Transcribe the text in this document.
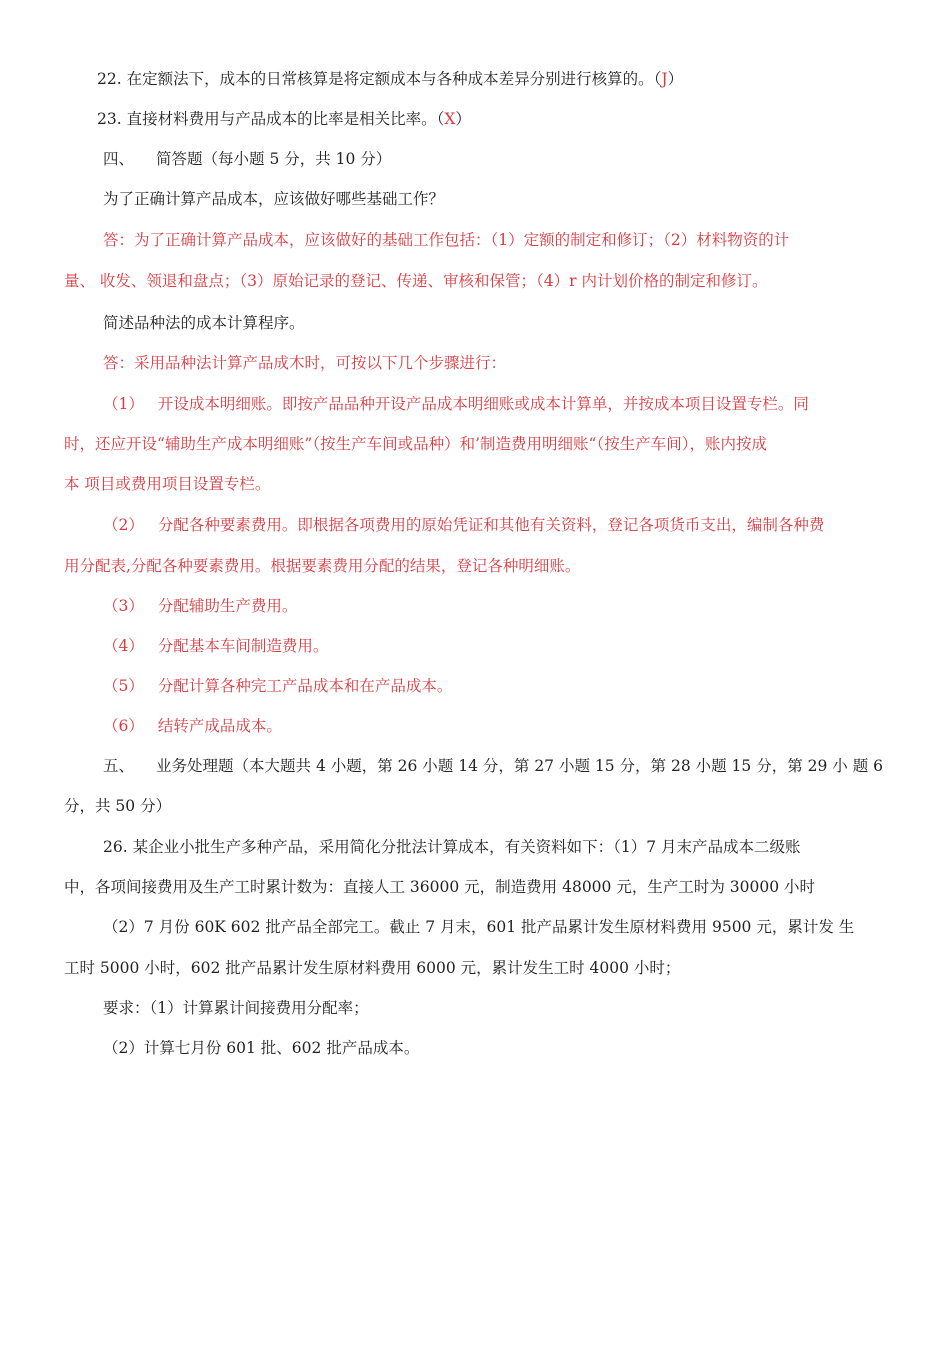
22. 在定额法下，成本的日常核算是将定额成本与各种成本差异分别进行核算的。（J）
23. 直接材料费用与产品成本的比率是相关比率。（X）
四、 简答题（每小题 5 分，共 10 分）
为了正确计算产品成本，应该做好哪些基础工作？
答：为了正确计算产品成本，应该做好的基础工作包括：（1）定额的制定和修订；（2）材料物资的计
量、 收发、领退和盘点；（3）原始记录的登记、传递、审核和保管；（4）r 内计划价格的制定和修订。
简述品种法的成本计算程序。
答：采用品种法计算产品成木时，可按以下几个步骤进行：
（1） 开设成本明细账。即按产品品种开设产品成本明细账或成本计算单，并按成本项目设置专栏。同
时，还应开设“辅助生产成本明细账”（按生产车间或品种）和’制造费用明细账“（按生产车间），账内按成
本 项目或费用项目设置专栏。
（2） 分配各种要素费用。即根据各项费用的原始凭证和其他有关资料，登记各项货币支出，编制各种费
用分配表,分配各种要素费用。根据要素费用分配的结果，登记各种明细账。
（3） 分配辅助生产费用。
（4） 分配基本车间制造费用。
（5） 分配计算各种完工产品成本和在产品成本。
（6） 结转产成品成本。
五、 业务处理题（本大题共 4 小题，第 26 小题 14 分，第 27 小题 15 分，第 28 小题 15 分，第 29 小 题 6
分，共 50 分）
26. 某企业小批生产多种产品，采用简化分批法计算成本，有关资料如下：（1）7 月末产品成本二级账
中，各项间接费用及生产工时累计数为：直接人工 36000 元，制造费用 48000 元，生产工时为 30000 小时
（2）7 月份 60K 602 批产品全部完工。截止 7 月末，601 批产品累计发生原材料费用 9500 元，累计发 生
工时 5000 小时，602 批产品累计发生原材料费用 6000 元，累计发生工时 4000 小时；
要求：（1）计算累计间接费用分配率；
（2）计算七月份 601 批、602 批产品成本。
